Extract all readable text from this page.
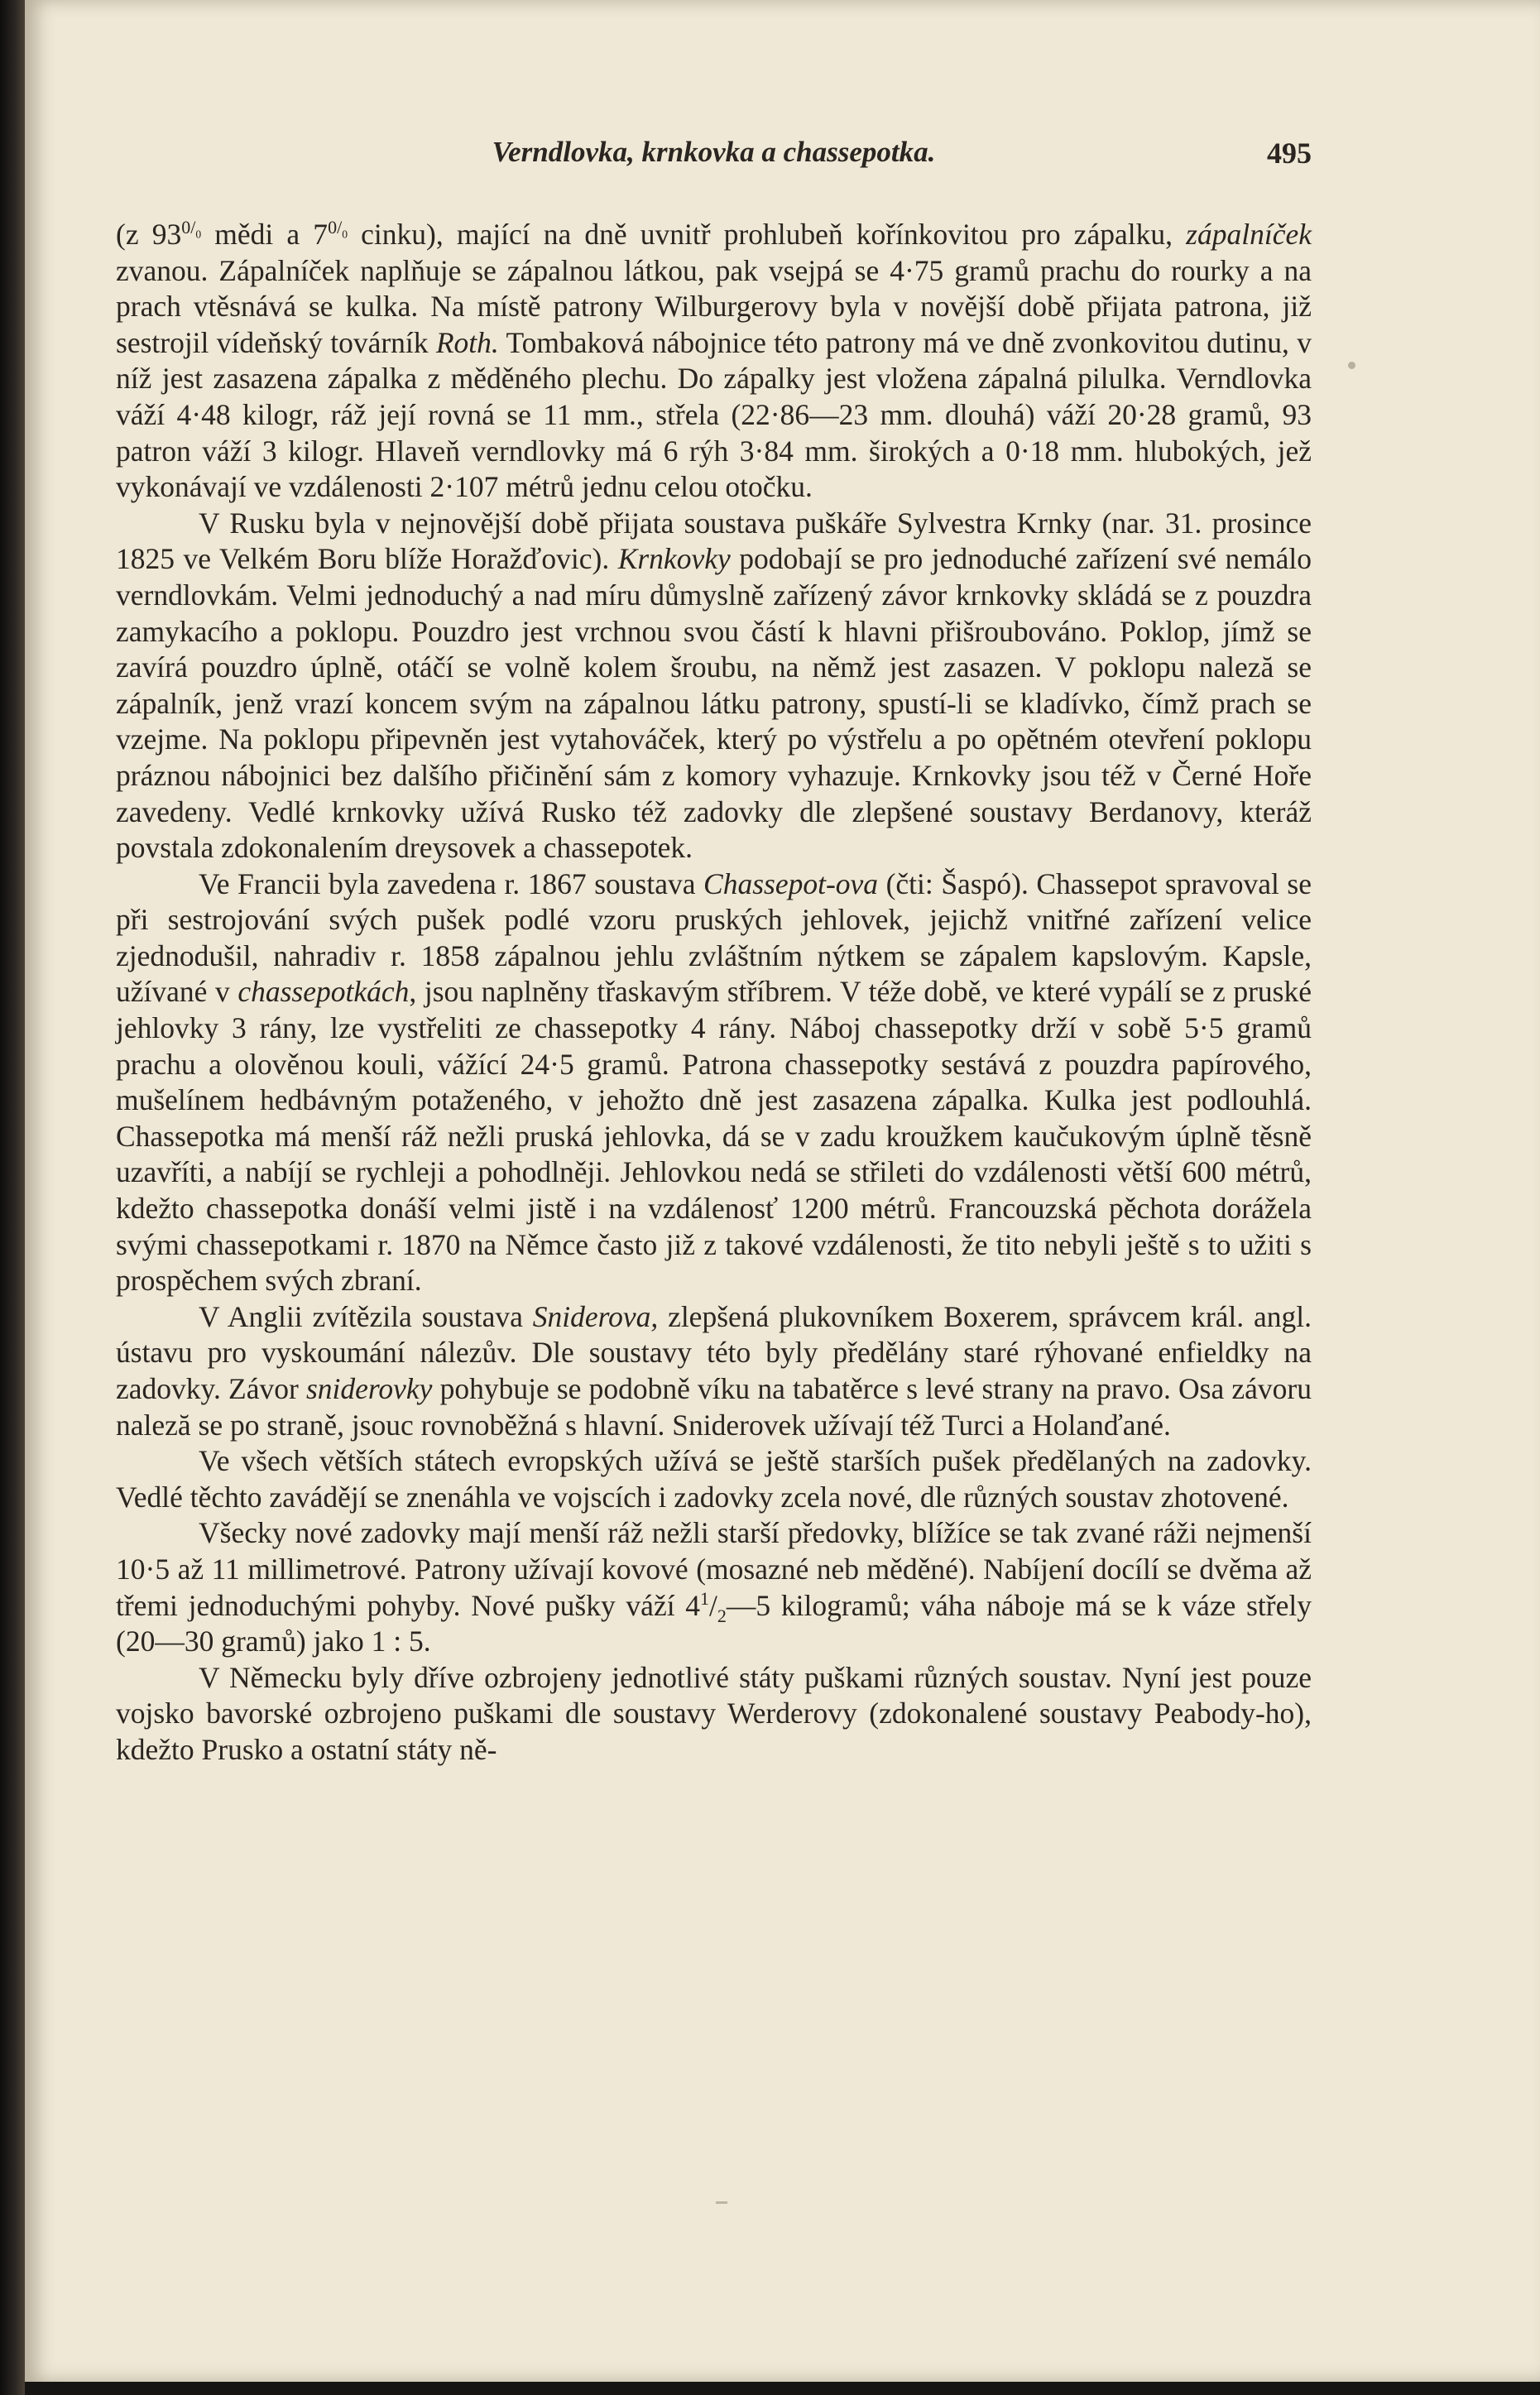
Verndlovka, krnkovka a chassepotka.	495

(z $93^{0/_0}$ mědi a $7^{0/_0}$ cinku), mající na dně uvnitř prohlubeň kořínkovitou pro zápalku, zápalníček zvanou. Zápalníček naplňuje se zápalnou látkou, pak vsejpá se 4·75 gramů prachu do rourky a na prach vtěsnává se kulka. Na místě patrony Wilburgerovy byla v novější době přijata patrona, již sestrojil vídeňský továrník Roth. Tombaková nábojnice této patrony má ve dně zvonkovitou dutinu, v níž jest zasazena zápalka z měděného plechu. Do zápalky jest vložena zápalná pilulka. Verndlovka váží 4·48 kilogr, ráž její rovná se 11 mm., střela (22·86—23 mm. dlouhá) váží 20·28 gramů, 93 patron váží 3 kilogr. Hlaveň verndlovky má 6 rýh 3·84 mm. širokých a 0·18 mm. hlubokých, jež vykonávají ve vzdálenosti 2·107 métrů jednu celou otočku.

V Rusku byla v nejnovější době přijata soustava puškáře Sylvestra Krnky (nar. 31. prosince 1825 ve Velkém Boru blíže Horažďovic). Krnkovky podobají se pro jednoduché zařízení své nemálo verndlovkám. Velmi jednoduchý a nad míru důmyslně zařízený závor krnkovky skládá se z pouzdra zamykacího a poklopu. Pouzdro jest vrchnou svou částí k hlavni přišroubováno. Poklop, jímž se zavírá pouzdro úplně, otáčí se volně kolem šroubu, na němž jest zasazen. V poklopu naleză se zápalník, jenž vrazí koncem svým na zápalnou látku patrony, spustí-li se kladívko, čímž prach se vzejme. Na poklopu připevněn jest vytahováček, který po výstřelu a po opětném otevření poklopu práznou nábojnici bez dalšího přičinění sám z komory vyhazuje. Krnkovky jsou též v Černé Hoře zavedeny. Vedlé krnkovky užívá Rusko též zadovky dle zlepšené soustavy Berdanovy, kteráž povstala zdokonalením dreysovek a chassepotek.

Ve Francii byla zavedena r. 1867 soustava Chassepot-ova (čti: Šaspó). Chassepot spravoval se při sestrojování svých pušek podlé vzoru pruských jehlovek, jejichž vnitřné zařízení velice zjednodušil, nahradiv r. 1858 zápalnou jehlu zvláštním nýtkem se zápalem kapslovým. Kapsle, užívané v chassepotkách, jsou naplněny třaskavým stříbrem. V téže době, ve které vypálí se z pruské jehlovky 3 rány, lze vystřeliti ze chassepotky 4 rány. Náboj chassepotky drží v sobě 5·5 gramů prachu a olověnou kouli, vážící 24·5 gramů. Patrona chassepotky sestává z pouzdra papírového, mušelínem hedbávným potaženého, v jehožto dně jest zasazena zápalka. Kulka jest podlouhlá. Chassepotka má menší ráž nežli pruská jehlovka, dá se v zadu kroužkem kaučukovým úplně těsně uzavříti, a nabíjí se rychleji a pohodlněji. Jehlovkou nedá se střileti do vzdálenosti větší 600 métrů, kdežto chassepotka donáší velmi jistě i na vzdálenosť 1200 métrů. Francouzská pěchota dorážela svými chassepotkami r. 1870 na Němce často již z takové vzdálenosti, že tito nebyli ještě s to užiti s prospěchem svých zbraní.

V Anglii zvítězila soustava Sniderova, zlepšená plukovníkem Boxerem, správcem král. angl. ústavu pro vyskoumání nálezův. Dle soustavy této byly předělány staré rýhované enfieldky na zadovky. Závor sniderovky pohybuje se podobně víku na tabatěrce s levé strany na pravo. Osa závoru naleză se po straně, jsouc rovnoběžná s hlavní. Sniderovek užívají též Turci a Holanďané.

Ve všech větších státech evropských užívá se ještě starších pušek předělaných na zadovky. Vedlé těchto zavádějí se znenáhla ve vojscích i zadovky zcela nové, dle různých soustav zhotovené.

Všecky nové zadovky mají menší ráž nežli starší předovky, blížíce se tak zvané ráži nejmenší 10·5 až 11 millimetrové. Patrony užívají kovové (mosazné neb měděné). Nabíjení docílí se dvěma až třemi jednoduchými pohyby. Nové pušky váží $4^1/_2—5$ kilogramů; váha náboje má se k váze střely (20—30 gramů) jako 1 : 5.

V Německu byly dříve ozbrojeny jednotlivé státy puškami různých soustav. Nyní jest pouze vojsko bavorské ozbrojeno puškami dle soustavy Werderovy (zdokonalené soustavy Peabody-ho), kdežto Prusko a ostatní státy ně-
